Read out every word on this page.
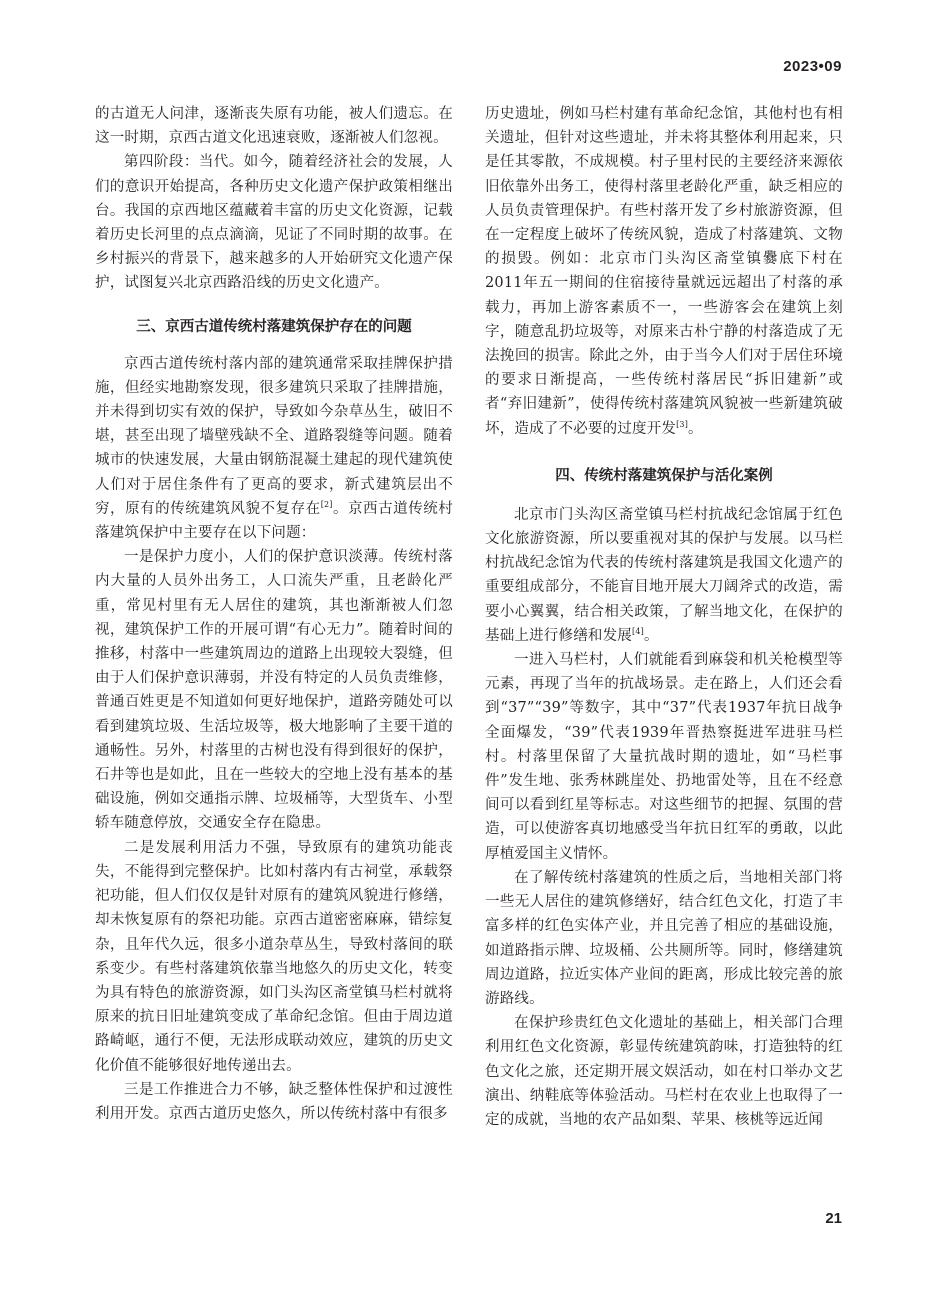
2023•09

的古道无人问津，逐渐丧失原有功能，被人们遗忘。在这一时期，京西古道文化迅速衰败，逐渐被人们忽视。

第四阶段：当代。如今，随着经济社会的发展，人们的意识开始提高，各种历史文化遗产保护政策相继出台。我国的京西地区蕴藏着丰富的历史文化资源，记载着历史长河里的点点滴滴，见证了不同时期的故事。在乡村振兴的背景下，越来越多的人开始研究文化遗产保护，试图复兴北京西路沿线的历史文化遗产。

三、京西古道传统村落建筑保护存在的问题

京西古道传统村落内部的建筑通常采取挂牌保护措施，但经实地勘察发现，很多建筑只采取了挂牌措施，并未得到切实有效的保护，导致如今杂草丛生，破旧不堪，甚至出现了墙壁残缺不全、道路裂缝等问题。随着城市的快速发展，大量由钢筋混凝土建起的现代建筑使人们对于居住条件有了更高的要求，新式建筑层出不穷，原有的传统建筑风貌不复存在[2]。京西古道传统村落建筑保护中主要存在以下问题：

一是保护力度小，人们的保护意识淡薄。传统村落内大量的人员外出务工，人口流失严重，且老龄化严重，常见村里有无人居住的建筑，其也渐渐被人们忽视，建筑保护工作的开展可谓“有心无力”。随着时间的推移，村落中一些建筑周边的道路上出现较大裂缝，但由于人们保护意识薄弱，并没有特定的人员负责维修，普通百姓更是不知道如何更好地保护，道路旁随处可以看到建筑垃圾、生活垃圾等，极大地影响了主要干道的通畅性。另外，村落里的古树也没有得到很好的保护，石井等也是如此，且在一些较大的空地上没有基本的基础设施，例如交通指示牌、垃圾桶等，大型货车、小型轿车随意停放，交通安全存在隐患。

二是发展利用活力不强，导致原有的建筑功能丧失，不能得到完整保护。比如村落内有古祠堂，承载祭祀功能，但人们仅仅是针对原有的建筑风貌进行修缮，却未恢复原有的祭祀功能。京西古道密密麻麻，错综复杂，且年代久远，很多小道杂草丛生，导致村落间的联系变少。有些村落建筑依靠当地悠久的历史文化，转变为具有特色的旅游资源，如门头沟区斋堂镇马栏村就将原来的抗日旧址建筑变成了革命纪念馆。但由于周边道路崎岖，通行不便，无法形成联动效应，建筑的历史文化价值不能够很好地传递出去。

三是工作推进合力不够，缺乏整体性保护和过渡性利用开发。京西古道历史悠久，所以传统村落中有很多

历史遗址，例如马栏村建有革命纪念馆，其他村也有相关遗址，但针对这些遗址，并未将其整体利用起来，只是任其零散，不成规模。村子里村民的主要经济来源依旧依靠外出务工，使得村落里老龄化严重，缺乏相应的人员负责管理保护。有些村落开发了乡村旅游资源，但在一定程度上破坏了传统风貌，造成了村落建筑、文物的损毁。例如：北京市门头沟区斋堂镇爨底下村在2011年五一期间的住宿接待量就远远超出了村落的承载力，再加上游客素质不一，一些游客会在建筑上刻字，随意乱扔垃圾等，对原来古朴宁静的村落造成了无法挽回的损害。除此之外，由于当今人们对于居住环境的要求日渐提高，一些传统村落居民“拆旧建新”或者“弃旧建新”，使得传统村落建筑风貌被一些新建筑破坏，造成了不必要的过度开发[3]。

四、传统村落建筑保护与活化案例

北京市门头沟区斋堂镇马栏村抗战纪念馆属于红色文化旅游资源，所以要重视对其的保护与发展。以马栏村抗战纪念馆为代表的传统村落建筑是我国文化遗产的重要组成部分，不能盲目地开展大刀阔斧式的改造，需要小心翼翼，结合相关政策，了解当地文化，在保护的基础上进行修缮和发展[4]。

一进入马栏村，人们就能看到麻袋和机关枪模型等元素，再现了当年的抗战场景。走在路上，人们还会看到“37”“39”等数字，其中“37”代表1937年抗日战争全面爆发，“39”代表1939年晋热察挺进军进驻马栏村。村落里保留了大量抗战时期的遗址，如“马栏事件”发生地、张秀林跳崖处、扔地雷处等，且在不经意间可以看到红星等标志。对这些细节的把握、氛围的营造，可以使游客真切地感受当年抗日红军的勇敢，以此厚植爱国主义情怀。

在了解传统村落建筑的性质之后，当地相关部门将一些无人居住的建筑修缮好，结合红色文化，打造了丰富多样的红色实体产业，并且完善了相应的基础设施，如道路指示牌、垃圾桶、公共厕所等。同时，修缮建筑周边道路，拉近实体产业间的距离，形成比较完善的旅游路线。

在保护珍贵红色文化遗址的基础上，相关部门合理利用红色文化资源，彰显传统建筑韵味，打造独特的红色文化之旅，还定期开展文娱活动，如在村口举办文艺演出、纳鞋底等体验活动。马栏村在农业上也取得了一定的成就，当地的农产品如梨、苹果、核桃等远近闻

21
